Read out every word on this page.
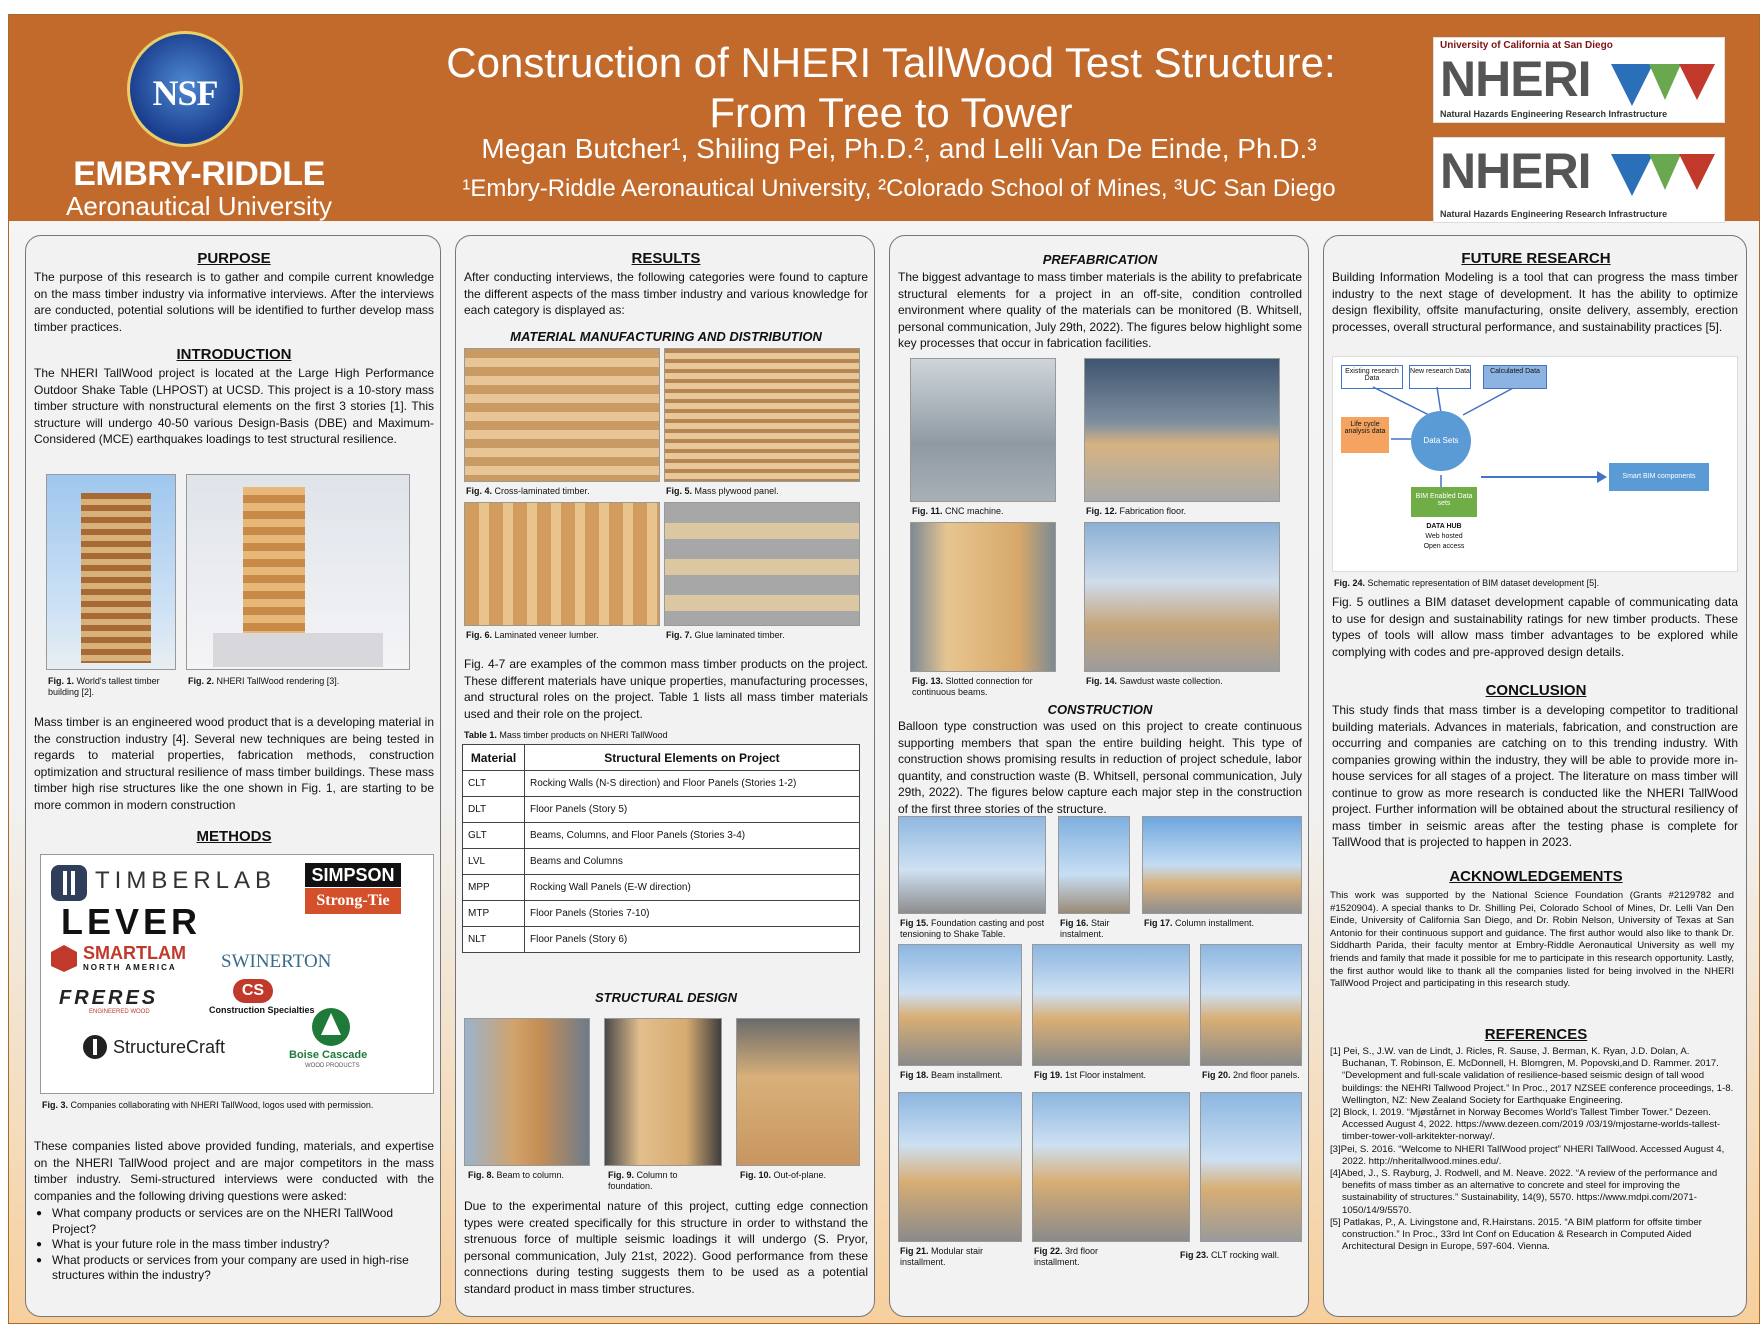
NSF
EMBRY-RIDDLE
Aeronautical University
Construction of NHERI TallWood Test Structure:
From Tree to Tower
Megan Butcher¹, Shiling Pei, Ph.D.², and Lelli Van De Einde, Ph.D.³
¹Embry-Riddle Aeronautical University, ²Colorado School of Mines, ³UC San Diego
University of California at San Diego
NHERI
Natural Hazards Engineering Research Infrastructure
NHERI
Natural Hazards Engineering Research Infrastructure
PURPOSE
The purpose of this research is to gather and compile current knowledge on the mass timber industry via informative interviews. After the interviews are conducted, potential solutions will be identified to further develop mass timber practices.
INTRODUCTION
The NHERI TallWood project is located at the Large High Performance Outdoor Shake Table (LHPOST) at UCSD. This project is a 10-story mass timber structure with nonstructural elements on the first 3 stories [1]. This structure will undergo 40-50 various Design-Basis (DBE) and Maximum-Considered (MCE) earthquakes loadings to test structural resilience.
Fig. 1. World's tallest timber building [2].
Fig. 2. NHERI TallWood rendering [3].
Mass timber is an engineered wood product that is a developing material in the construction industry [4]. Several new techniques are being tested in regards to material properties, fabrication methods, construction optimization and structural resilience of mass timber buildings. These mass timber high rise structures like the one shown in Fig. 1, are starting to be more common in modern construction
METHODS
TIMBERLAB	SIMPSON
Strong-Tie
LEVER
SMARTLAM
NORTH AMERICA SWINERTON
FRERES
ENGINEERED WOOD
CS
Construction Specialties
StructureCraft	Boise Cascade
WOOD PRODUCTS
Fig. 3. Companies collaborating with NHERI TallWood, logos used with permission.
These companies listed above provided funding, materials, and expertise on the NHERI TallWood project and are major competitors in the mass timber industry. Semi-structured interviews were conducted with the companies and the following driving questions were asked:
● What company products or services are on the NHERI TallWood Project?
● What is your future role in the mass timber industry?
● What products or services from your company are used in high-rise structures within the industry?
RESULTS
After conducting interviews, the following categories were found to capture the different aspects of the mass timber industry and various knowledge for each category is displayed as:
MATERIAL MANUFACTURING AND DISTRIBUTION
Fig. 4. Cross-laminated timber.	Fig. 5. Mass plywood panel.
Fig. 6. Laminated veneer lumber.	Fig. 7. Glue laminated timber.
Fig. 4-7 are examples of the common mass timber products on the project. These different materials have unique properties, manufacturing processes, and structural roles on the project. Table 1 lists all mass timber materials used and their role on the project.
Table 1. Mass timber products on NHERI TallWood
Material	Structural Elements on Project
CLT	Rocking Walls (N-S direction) and Floor Panels (Stories 1-2)
DLT	Floor Panels (Story 5)
GLT	Beams, Columns, and Floor Panels (Stories 3-4)
LVL	Beams and Columns
MPP	Rocking Wall Panels (E-W direction)
MTP	Floor Panels (Stories 7-10)
NLT	Floor Panels (Story 6)
STRUCTURAL DESIGN
Fig. 8. Beam to column.	Fig. 9. Column to foundation.
Fig. 10. Out-of-plane.
Due to the experimental nature of this project, cutting edge connection types were created specifically for this structure in order to withstand the strenuous force of multiple seismic loadings it will undergo (S. Pryor, personal communication, July 21st, 2022). Good performance from these connections during testing suggests them to be used as a potential standard product in mass timber structures.
PREFABRICATION
The biggest advantage to mass timber materials is the ability to prefabricate structural elements for a project in an off-site, condition controlled environment where quality of the materials can be monitored (B. Whitsell, personal communication, July 29th, 2022). The figures below highlight some key processes that occur in fabrication facilities.
Fig. 11. CNC machine.	Fig. 12. Fabrication floor.
Fig. 13. Slotted connection for continuous beams.
Fig. 14. Sawdust waste collection.
CONSTRUCTION
Balloon type construction was used on this project to create continuous supporting members that span the entire building height. This type of construction shows promising results in reduction of project schedule, labor quantity, and construction waste (B. Whitsell, personal communication, July 29th, 2022). The figures below capture each major step in the construction of the first three stories of the structure.
Fig 15. Foundation casting and post tensioning to Shake Table.
Fig 16. Stair instalment.
Fig 17. Column installment.
Fig 18. Beam installment.	Fig 19. 1st Floor instalment.	Fig 20. 2nd floor panels.
Fig 21. Modular stair installment.
Fig 22. 3rd floor installment.
Fig 23. CLT rocking wall.
FUTURE RESEARCH
Building Information Modeling is a tool that can progress the mass timber industry to the next stage of development. It has the ability to optimize design flexibility, offsite manufacturing, onsite delivery, assembly, erection processes, overall structural performance, and sustainability practices [5].
Existing research Data
New research Data	Calculated Data
Life cycle analysis data
Data Sets
BIM Enabled Data sets
Smart BIM components
DATA HUB
Web hosted
Open access
Fig. 24. Schematic representation of BIM dataset development [5].
Fig. 5 outlines a BIM dataset development capable of communicating data to use for design and sustainability ratings for new timber products. These types of tools will allow mass timber advantages to be explored while complying with codes and pre-approved design details.
CONCLUSION
This study finds that mass timber is a developing competitor to traditional building materials. Advances in materials, fabrication, and construction are occurring and companies are catching on to this trending industry. With companies growing within the industry, they will be able to provide more in-house services for all stages of a project. The literature on mass timber will continue to grow as more research is conducted like the NHERI TallWood project. Further information will be obtained about the structural resiliency of mass timber in seismic areas after the testing phase is complete for TallWood that is projected to happen in 2023.
ACKNOWLEDGEMENTS
This work was supported by the National Science Foundation (Grants #2129782 and #1520904). A special thanks to Dr. Shilling Pei, Colorado School of Mines, Dr. Lelli Van Den Einde, University of California San Diego, and Dr. Robin Nelson, University of Texas at San Antonio for their continuous support and guidance. The first author would also like to thank Dr. Siddharth Parida, their faculty mentor at Embry-Riddle Aeronautical University as well my friends and family that made it possible for me to participate in this research opportunity. Lastly, the first author would like to thank all the companies listed for being involved in the NHERI TallWood Project and participating in this research study.
REFERENCES
[1] Pei, S., J.W. van de Lindt, J. Ricles, R. Sause, J. Berman, K. Ryan, J.D. Dolan, A. Buchanan, T. Robinson, E. McDonnell, H. Blomgren, M. Popovski,and D. Rammer. 2017. “Development and full-scale validation of resilience-based seismic design of tall wood buildings: the NEHRI Tallwood Project.” In Proc., 2017 NZSEE conference proceedings, 1-8. Wellington, NZ: New Zealand Society for Earthquake Engineering.
[2] Block, I. 2019. “Mjøstårnet in Norway Becomes World's Tallest Timber Tower.” Dezeen. Accessed August 4, 2022. https://www.dezeen.com/2019 /03/19/mjostarne-worlds-tallest-timber-tower-voll-arkitekter-norway/.
[3]Pei, S. 2016. “Welcome to NHERI TallWood project” NHERI TallWood. Accessed August 4, 2022. http://nheritallwood.mines.edu/.
[4]Abed, J., S. Rayburg, J. Rodwell, and M. Neave. 2022. “A review of the performance and benefits of mass timber as an alternative to concrete and steel for improving the sustainability of structures.” Sustainability, 14(9), 5570. https://www.mdpi.com/2071-1050/14/9/5570.
[5] Patlakas, P., A. Livingstone and, R.Hairstans. 2015. “A BIM platform for offsite timber construction.” In Proc., 33rd Int Conf on Education & Research in Computed Aided Architectural Design in Europe, 597-604. Vienna.
